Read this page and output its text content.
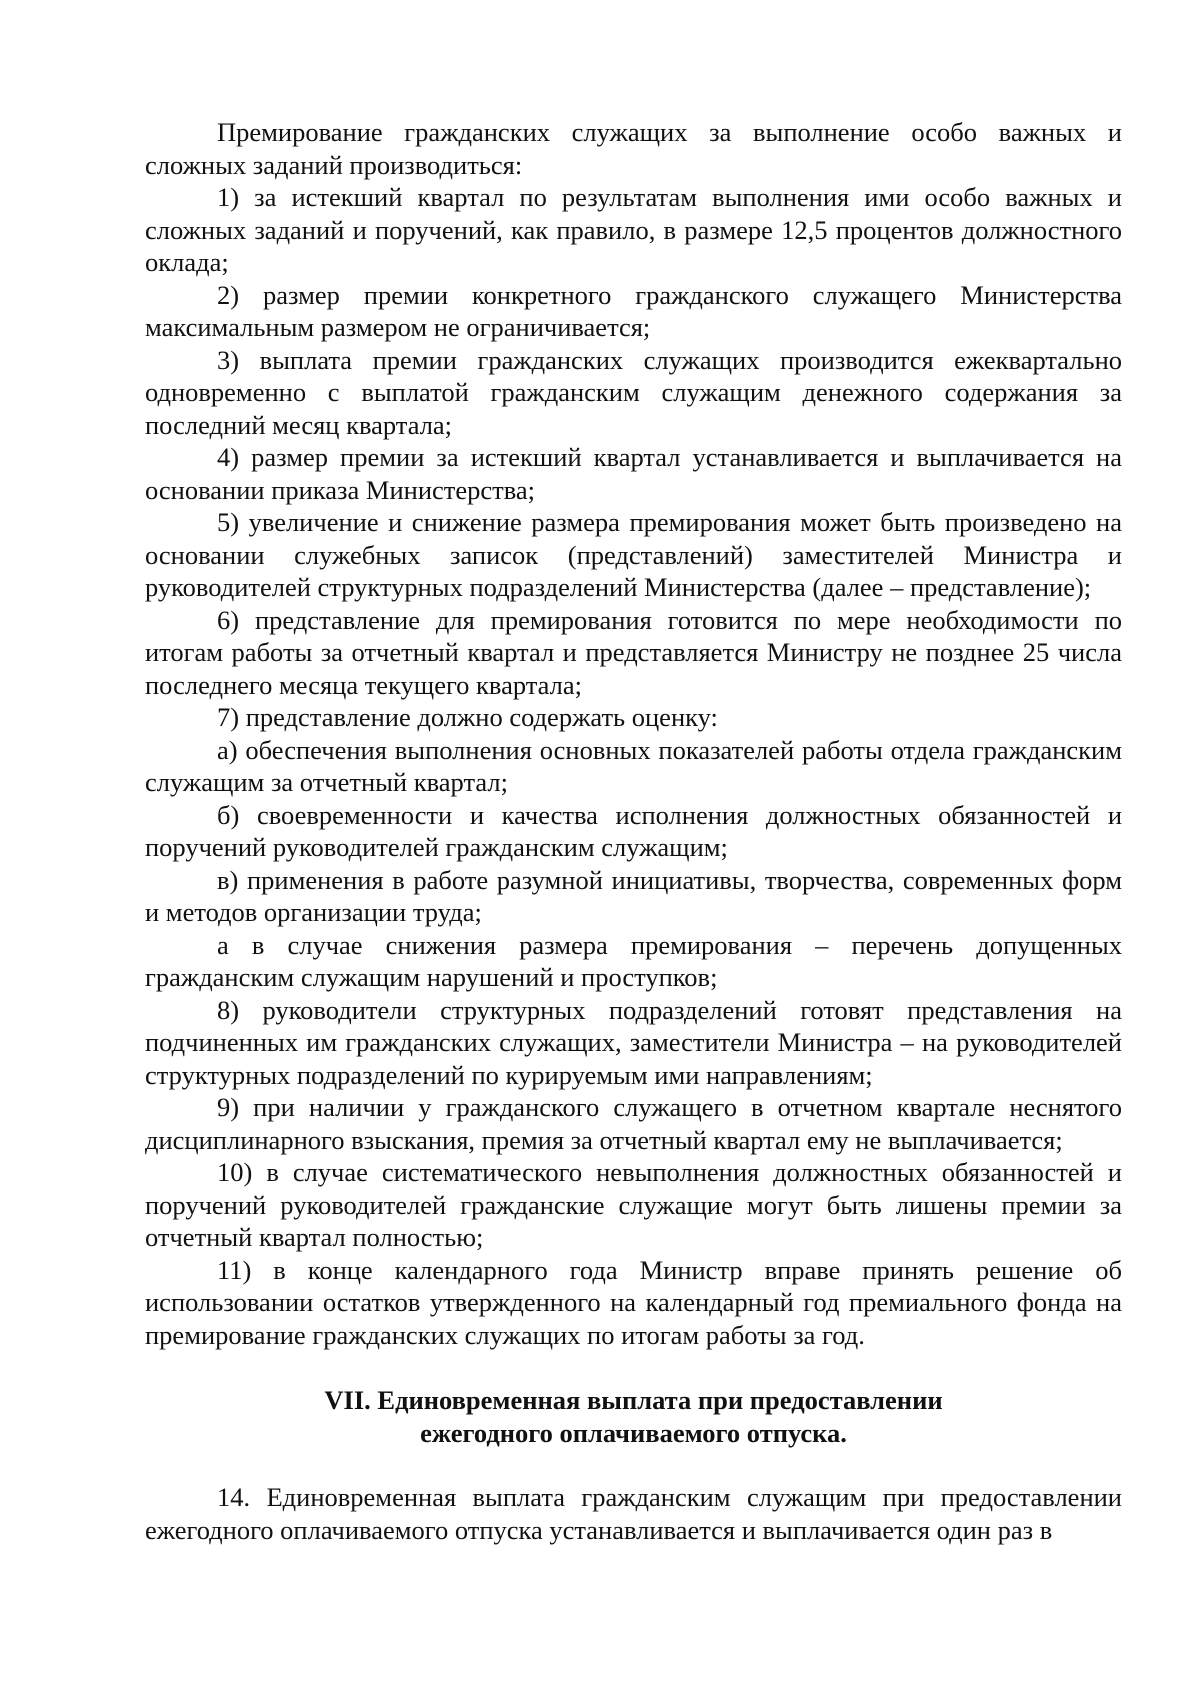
Премирование гражданских служащих за выполнение особо важных и сложных заданий производиться:

1) за истекший квартал по результатам выполнения ими особо важных и сложных заданий и поручений, как правило, в размере 12,5 процентов должностного оклада;

2) размер премии конкретного гражданского служащего Министерства максимальным размером не ограничивается;

3) выплата премии гражданских служащих производится ежеквартально одновременно с выплатой гражданским служащим денежного содержания за последний месяц квартала;

4) размер премии за истекший квартал устанавливается и выплачивается на основании приказа Министерства;

5) увеличение и снижение размера премирования может быть произведено на основании служебных записок (представлений) заместителей Министра и руководителей структурных подразделений Министерства (далее – представление);

6) представление для премирования готовится по мере необходимости по итогам работы за отчетный квартал и представляется Министру не позднее 25 числа последнего месяца текущего квартала;

7) представление должно содержать оценку:

а) обеспечения выполнения основных показателей работы отдела гражданским служащим за отчетный квартал;

б) своевременности и качества исполнения должностных обязанностей и поручений руководителей гражданским служащим;

в) применения в работе разумной инициативы, творчества, современных форм и методов организации труда;

а в случае снижения размера премирования – перечень допущенных гражданским служащим нарушений и проступков;

8) руководители структурных подразделений готовят представления на подчиненных им гражданских служащих, заместители Министра – на руководителей структурных подразделений по курируемым ими направлениям;

9) при наличии у гражданского служащего в отчетном квартале неснятого дисциплинарного взыскания, премия за отчетный квартал ему не выплачивается;

10) в случае систематического невыполнения должностных обязанностей и поручений руководителей гражданские служащие могут быть лишены премии за отчетный квартал полностью;

11) в конце календарного года Министр вправе принять решение об использовании остатков утвержденного на календарный год премиального фонда на премирование гражданских служащих по итогам работы за год.

VII. Единовременная выплата при предоставлении

ежегодного оплачиваемого отпуска.

14. Единовременная выплата гражданским служащим при предоставлении ежегодного оплачиваемого отпуска устанавливается и выплачивается один раз в
